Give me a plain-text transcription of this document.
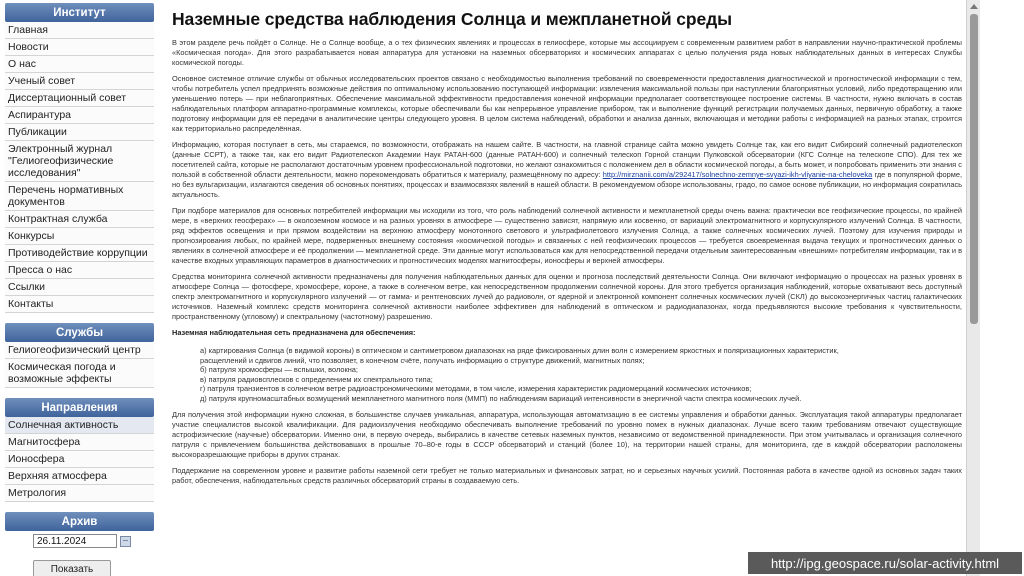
Институт
Главная
Новости
О нас
Ученый совет
Диссертационный совет
Аспирантура
Публикации
Электронный журнал "Гелиогеофизические исследования"
Перечень нормативных документов
Контрактная служба
Конкурсы
Противодействие коррупции
Пресса о нас
Ссылки
Контакты
Службы
Гелиогеофизический центр
Космическая погода и возможные эффекты
Направления
Солнечная активность
Магнитосфера
Ионосфера
Верхняя атмосфера
Метрология
Архив
26.11.2024
Показать
Наземные средства наблюдения Солнца и межпланетной среды

В этом разделе речь пойдёт о Солнце. Не о Солнце вообще, а о тех физических явлениях и процессах в гелиосфере, которые мы ассоциируем с современным развитием работ в направлении научно-практической проблемы «Космическая погода». Для этого разрабатывается новая аппаратура для установки на наземных обсерваториях и космических аппаратах с целью получения ряда новых наблюдательных данных в интересах Службы космической погоды.

Основное системное отличие службы от обычных исследовательских проектов связано с необходимостью выполнения требований по своевременности предоставления диагностической и прогностической информации с тем, чтобы потребитель успел предпринять возможные действия по оптимальному использованию поступающей информации: извлечения максимальной пользы при наступлении благоприятных условий, либо предотвращению или уменьшению потерь — при неблагоприятных. Обеспечение максимальной эффективности предоставления конечной информации предполагает соответствующее построение системы. В частности, нужно включать в состав наблюдательных платформ аппаратно-программные комплексы, которые обеспечивали бы как непрерывное управление прибором, так и выполнение функций регистрации получаемых данных, первичную обработку, а также подготовку информации для её передачи в аналитические центры следующего уровня. В целом система наблюдений, обработки и анализа данных, включающая и методики работы с информацией на разных этапах, строится как территориально распределённая.

Информацию, которая поступает в сеть, мы стараемся, по возможности, отображать на нашем сайте. В частности, на главной странице сайта можно увидеть Солнце так, как его видит Сибирский солнечный радиотелескоп (данные ССРТ), а также так, как его видит Радиотелескоп Академии Наук РАТАН-600 (данные РАТАН-600) и солнечный телескоп Горной станции Пулковской обсерватории (КГС Солнце на телескопе СПО). Для тех же посетителей сайта, которые не располагают достаточным уровнем профессиональной подготовки, но желают ознакомиться с положением дел в области космической погоды, а быть может, и попробовать применить эти знания с пользой в собственной области деятельности, можно порекомендовать обратиться к материалу, размещённому по адресу: http://mirznanii.com/a/292417/solnechno-zemnye-svyazi-ikh-vliyanie-na-cheloveka где в популярной форме, но без вульгаризации, излагаются сведения об основных понятиях, процессах и взаимосвязях явлений в нашей области. В рекомендуемом обзоре использованы, градо, по самое основе публикации, но информация сократилась актуальность.

При подборе материалов для основных потребителей информации мы исходили из того, что роль наблюдений солнечной активности и межпланетной среды очень важна: практически все геофизические процессы, по крайней мере, в «верхних геосферах» — в околоземном космосе и на разных уровнях в атмосфере — существенно зависят, напрямую или косвенно, от вариаций электромагнитного и корпускулярного излучений Солнца. В частности, ряд эффектов освещения и при прямом воздействии на верхнюю атмосферу монотонного светового и ультрафиолетового излучения Солнца, а также солнечных космических лучей. Поэтому для изучения природы и прогнозирования любых, по крайней мере, подверженных внешнему состояния «космической погоды» и связанных с ней геофизических процессов — требуется своевременная выдача текущих и прогностических данных о явлениях в солнечной атмосфере и её продолжении — межпланетной среде. Эти данные могут использоваться как для непосредственной передачи отдельным заинтересованным «внешним» потребителям информации, так и в качестве входных управляющих параметров в диагностических и прогностических моделях магнитосферы, ионосферы и верхней атмосферы.

Средства мониторинга солнечной активности предназначены для получения наблюдательных данных для оценки и прогноза последствий деятельности Солнца. Они включают информацию о процессах на разных уровнях в атмосфере Солнца — фотосфере, хромосфере, короне, а также в солнечном ветре, как непосредственном продолжении солнечной короны. Для этого требуется организация наблюдений, которые охватывают весь доступный спектр электромагнитного и корпускулярного излучений — от гамма- и рентгеновских лучей до радиоволн, от ядерной и электронной компонент солнечных космических лучей (СКЛ) до высокоэнергичных частиц галактических источников. Наземный комплекс средств мониторинга солнечной активности наиболее эффективен для наблюдений в оптическом и радиодиапазонах, когда предъявляются высокие требования к чувствительности, пространственному (угловому) и спектральному (частотному) разрешению.

Наземная наблюдательная сеть предназначена для обеспечения:

а) картирования Солнца (в видимой короны) в оптическом и сантиметровом диапазонах на ряде фиксированных длин волн с измерением яркостных и поляризационных характеристик,
расщеплений и сдвигов линий, что позволяет, в конечном счёте, получать информацию о структуре движений, магнитных полях;
б) патруля хромосферы — вспышки, волокна;
в) патруля радиовсплесков с определением их спектрального типа;
г) патруля транзиентов в солнечном ветре радиоастрономическими методами, в том числе, измерения характеристик радиомерцаний космических источников;
д) патруля крупномасштабных возмущений межпланетного магнитного поля (ММП) по наблюдениям вариаций интенсивности в энергичной части спектра космических лучей.

Для получения этой информации нужно сложная, в большинстве случаев уникальная, аппаратура, использующая автоматизацию в ее системы управления и обработки данных. Эксплуатация такой аппаратуры предполагает участие специалистов высокой квалификации. Для радиоизлучения необходимо обеспечивать выполнение требований по уровню помех в нужных диапазонах. Лучше всего таким требованиям отвечают существующие астрофизические (научные) обсерватории. Именно они, в первую очередь, выбирались в качестве сетевых наземных пунктов, независимо от ведомственной принадлежности. При этом учитывалась и организация солнечного патруля с привлечением большинства действовавших в прошлые 70–80-е годы в СССР обсерваторий и станций (более 10), на территории нашей страны, для мониторинга, где в каждой обсерватории расположены высокоразрешающие приборы в других странах.

Поддержание на современном уровне и развитие работы наземной сети требует не только материальных и финансовых затрат, но и серьезных научных усилий. Постоянная работа в качестве одной из основных задач таких работ, обеспечения, наблюдательных средств различных обсерваторий страны в создаваемую сеть.

http://ipg.geospace.ru/solar-activity.html
